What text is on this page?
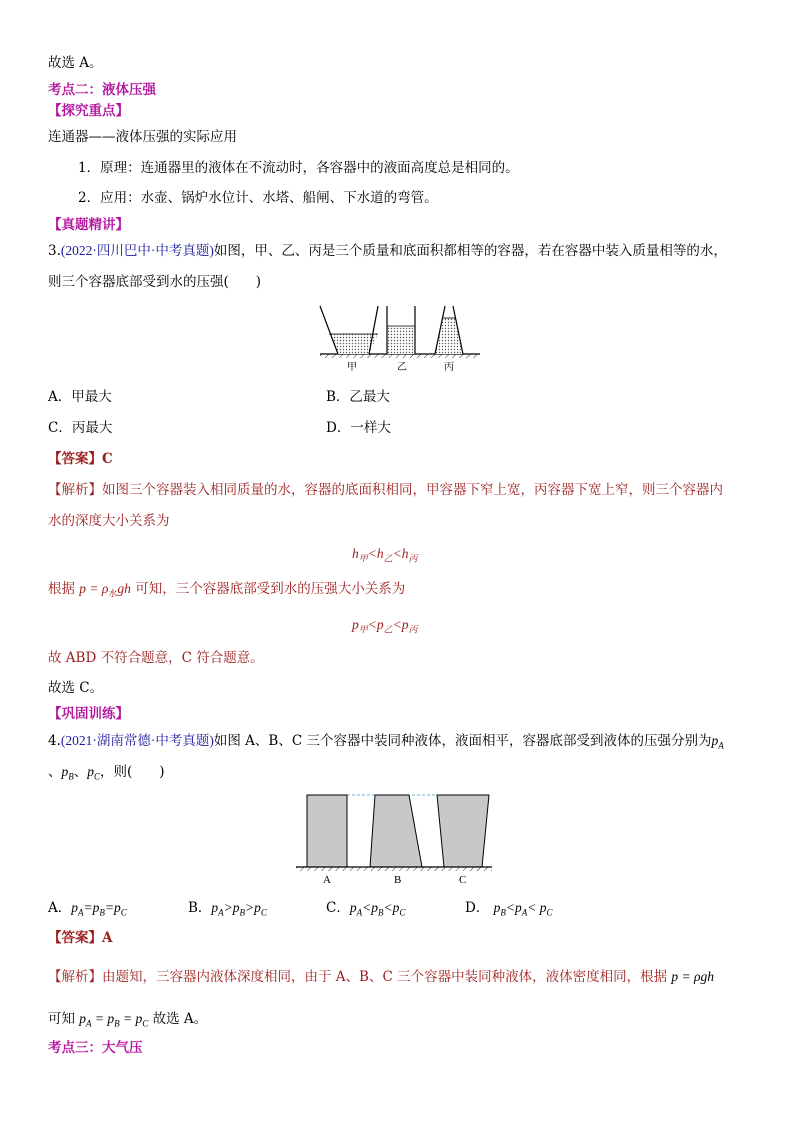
故选 A。
考点二：液体压强
【探究重点】
连通器——液体压强的实际应用
1．原理：连通器里的液体在不流动时，各容器中的液面高度总是相同的。
2．应用：水壶、锅炉水位计、水塔、船闸、下水道的弯管。
【真题精讲】
3.(2022·四川巴中·中考真题)如图，甲、乙、丙是三个质量和底面积都相等的容器，若在容器中装入质量相等的水，
则三个容器底部受到水的压强(　　)
甲	乙	丙
A．甲最大	B．乙最大
C．丙最大	D．一样大
【答案】C
【解析】如图三个容器装入相同质量的水，容器的底面积相同，甲容器下窄上宽，丙容器下宽上窄，则三个容器内
水的深度大小关系为
$h_甲<h_乙<h_丙$
根据 $p = \rho_水gh$ 可知，三个容器底部受到水的压强大小关系为
$p_甲<p_乙<p_丙$
故 ABD 不符合题意，C 符合题意。
故选 C。
【巩固训练】
4.(2021·湖南常德·中考真题)如图 A、B、C 三个容器中装同种液体，液面相平，容器底部受到液体的压强分别为$p_A$
、$p_B$、$p_C$，则(　　)
A	B	C
A．$p_A=p_B=p_C$	B．$p_A>p_B>p_C$	C．$p_A<p_B<p_C$	D． $p_B<p_A< p_C$
【答案】A
【解析】由题知，三容器内液体深度相同，由于 A、B、C 三个容器中装同种液体，液体密度相同，根据 p = ρgh
可知 $p_A = p_B = p_C$ 故选 A。
考点三：大气压
